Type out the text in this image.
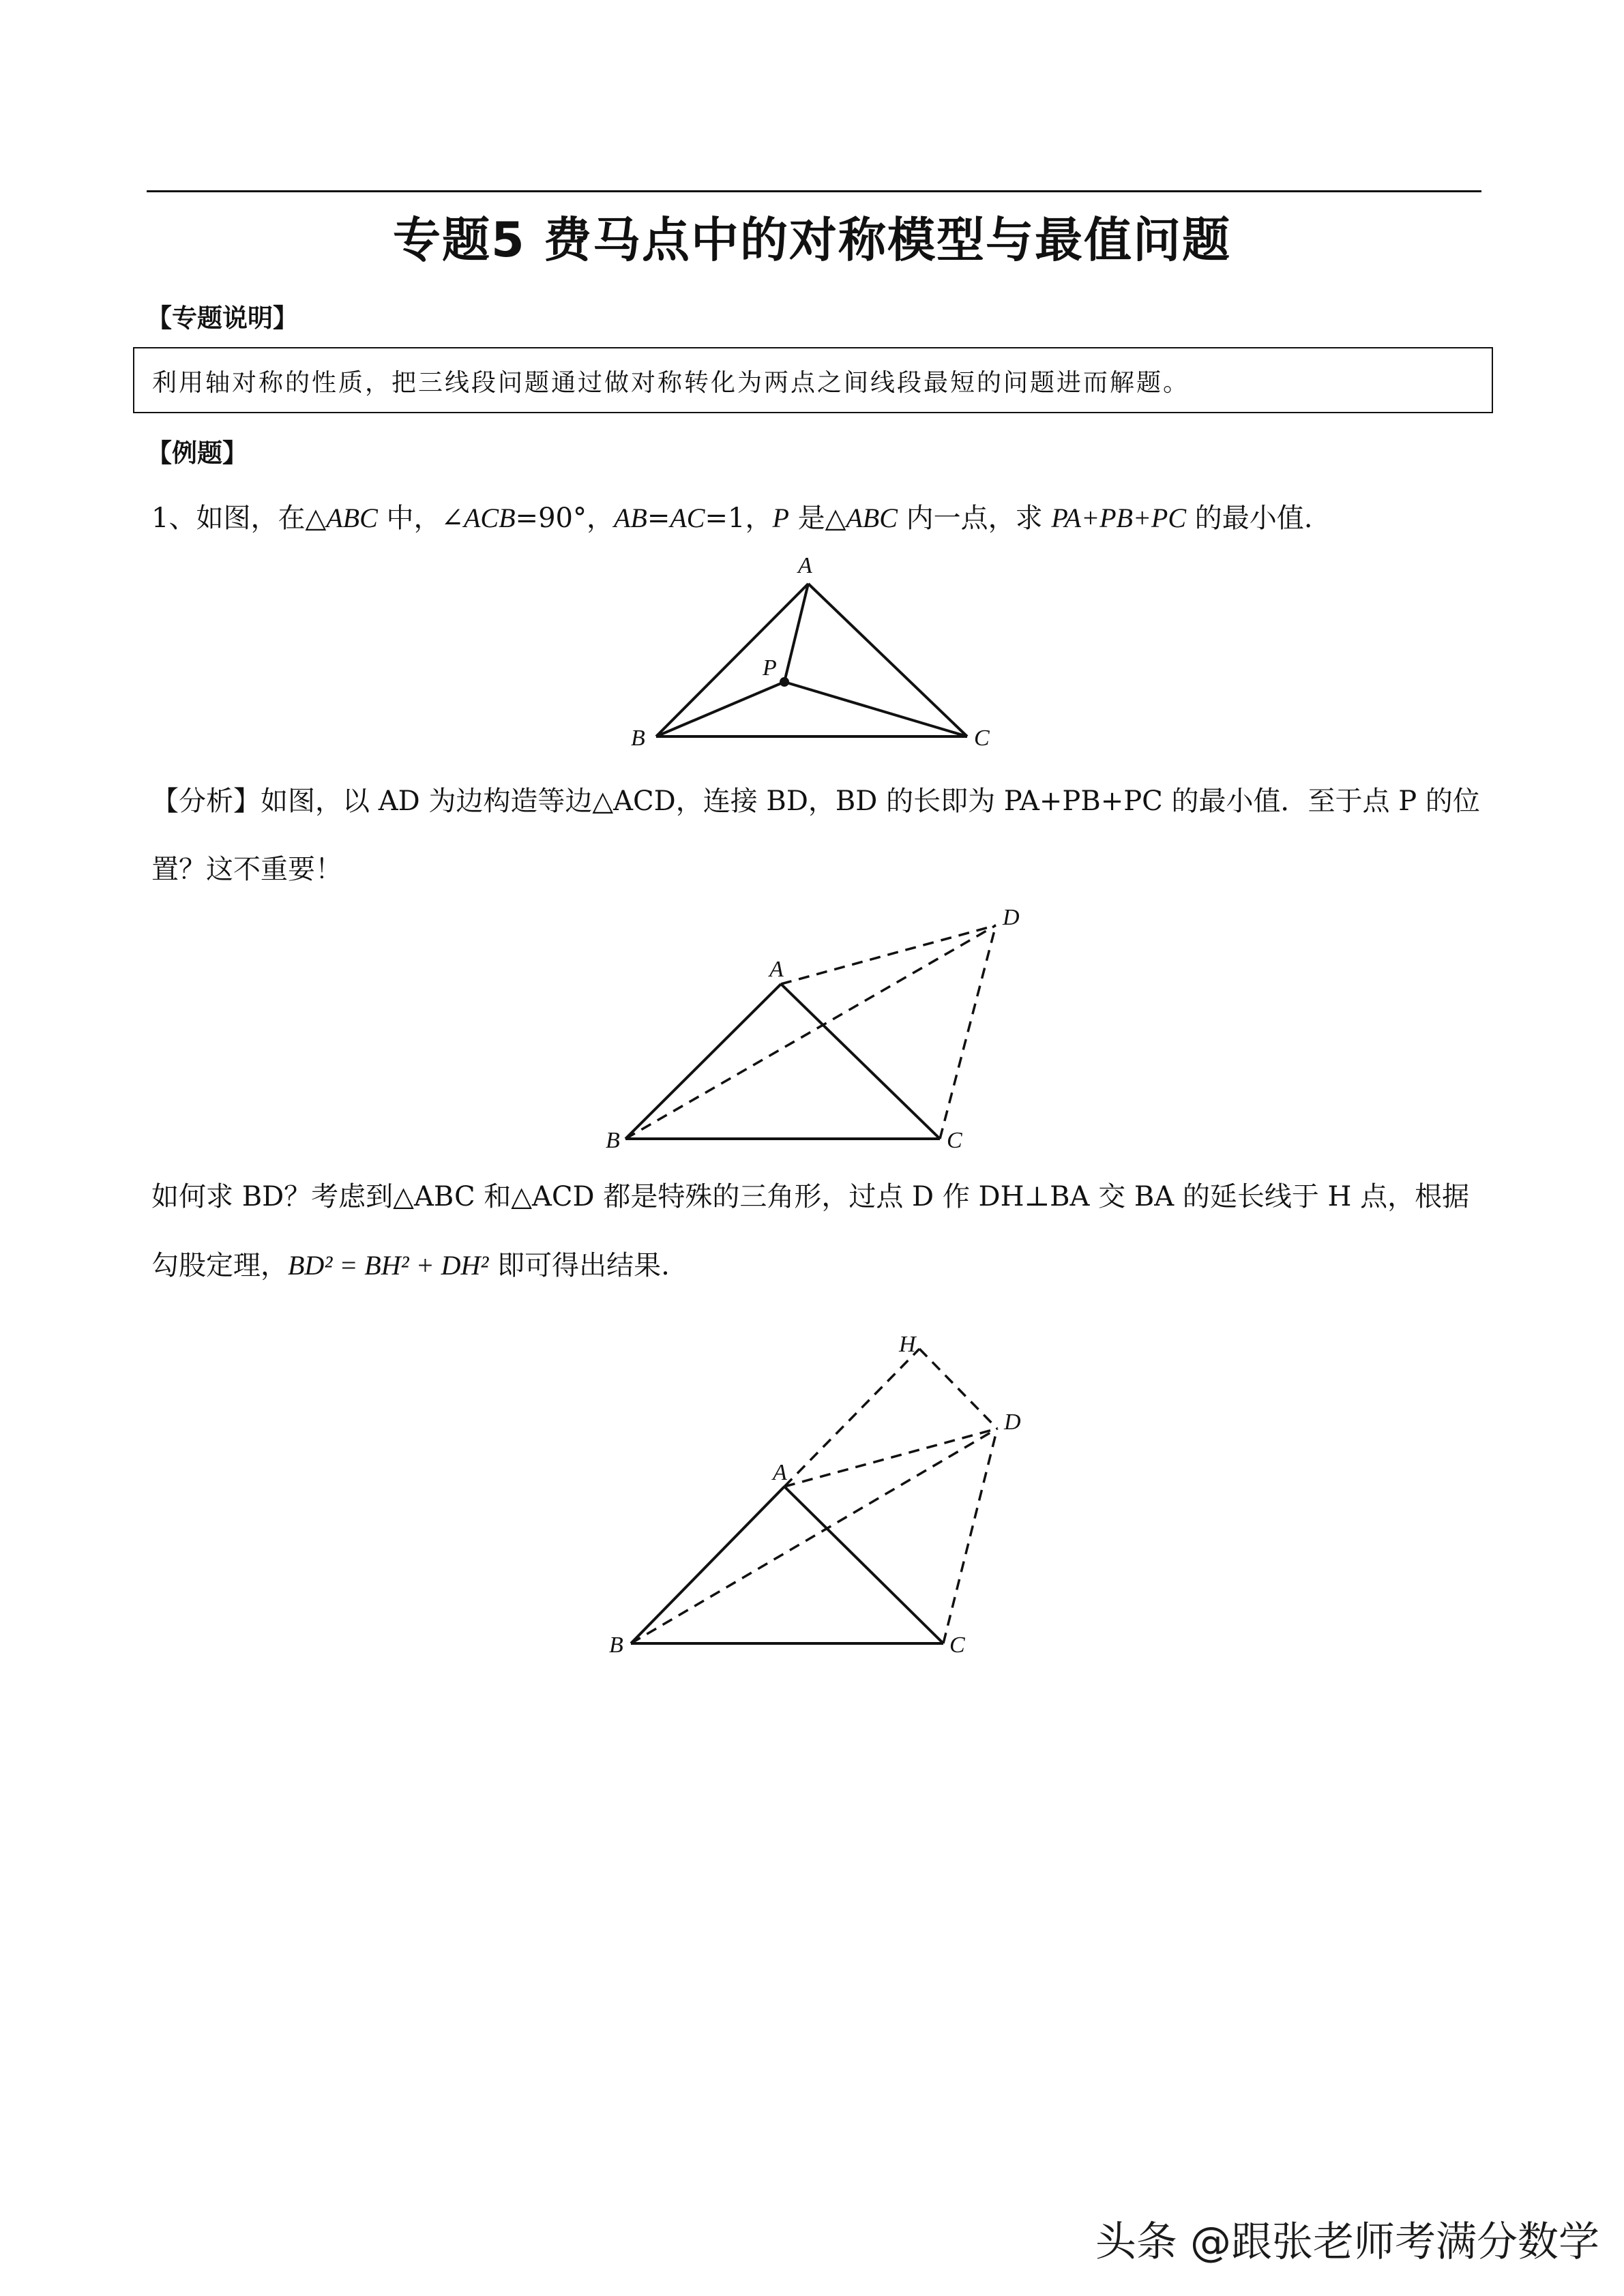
专题5 费马点中的对称模型与最值问题
【专题说明】
利用轴对称的性质，把三线段问题通过做对称转化为两点之间线段最短的问题进而解题。
【例题】
1、如图，在△ABC 中，∠ACB=90°，AB=AC=1，P 是△ABC 内一点，求 PA+PB+PC 的最小值.
【分析】如图，以 AD 为边构造等边△ACD，连接 BD，BD 的长即为 PA+PB+PC 的最小值．至于点 P 的位
置？这不重要！
如何求 BD？考虑到△ABC 和△ACD 都是特殊的三角形，过点 D 作 DH⊥BA 交 BA 的延长线于 H 点，根据
勾股定理，BD² = BH² + DH² 即可得出结果.
A
B	C
P
A
B	C
D
A
B	C
D
H
头条 @跟张老师考满分数学
